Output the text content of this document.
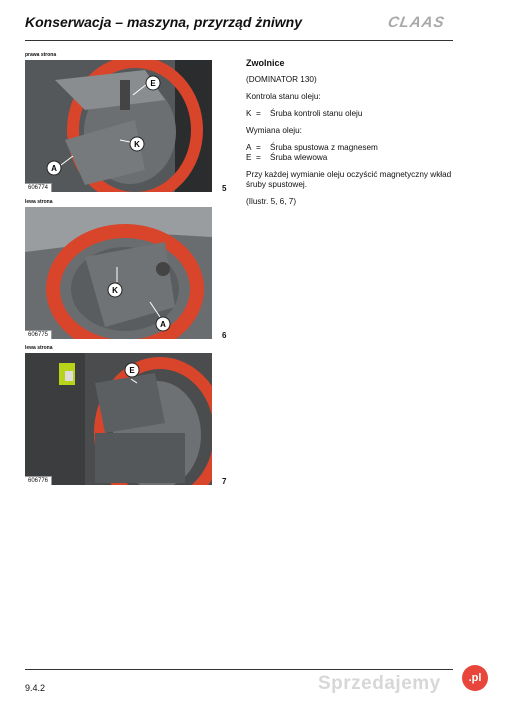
Konserwacja – maszyna, przyrząd żniwny	CLAAS
prawa strona
E
K
A
606774	5
lewa strona
K
A
606775	6
lewa strona
E
606776	7

Zwolnice

(DOMINATOR 130)

Kontrola stanu oleju:

K =	Śruba kontroli stanu oleju

Wymiana oleju:

A =	Śruba spustowa z magnesem
E =	Śruba wlewowa

Przy każdej wymianie oleju oczyścić magnetyczny wkład śruby spustowej.

(Ilustr. 5, 6, 7)

9.4.2	Sprzedajemy	.pl
